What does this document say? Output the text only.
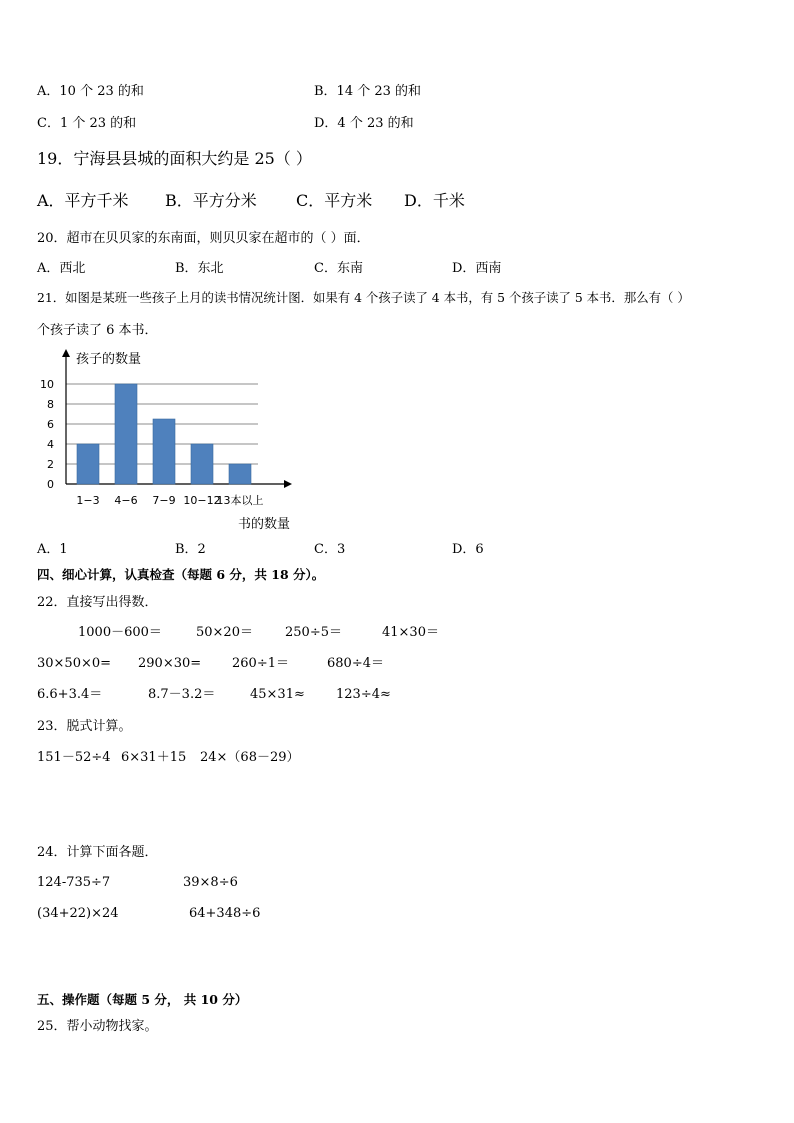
A．10 个 23 的和	B．14 个 23 的和
C．1 个 23 的和	D．4 个 23 的和
19．宁海县县城的面积大约是 25（ ）
A．平方千米 B．平方分米 C．平方米 D．千米
20．超市在贝贝家的东南面，则贝贝家在超市的（ ）面．
A．西北	B．东北	C．东南	D．西南
21．如图是某班一些孩子上月的读书情况统计图．如果有 4 个孩子读了 4 本书，有 5 个孩子读了 5 本书．那么有（ ）
个孩子读了 6 本书．
孩子的数量
书的数量
0
2
4
6
8
10
1−3 4−6 7−9 10−12
13本以上
A．1	B．2	C．3	D．6
四、细心计算，认真检查（每题 6 分，共 18 分）。
22．直接写出得数．
1000－600＝	50×20＝ 250÷5＝	41×30＝
30×50×0= 290×30= 260÷1＝	680÷4＝
6.6+3.4＝	8.7－3.2＝	45×31≈ 123÷4≈
23．脱式计算。
151－52÷4 6×31＋15 24×（68－29）
24．计算下面各题．
124-735÷7	39×8÷6
(34+22)×24	64+348÷6
五、操作题（每题 5 分， 共 10 分）
25．帮小动物找家。
